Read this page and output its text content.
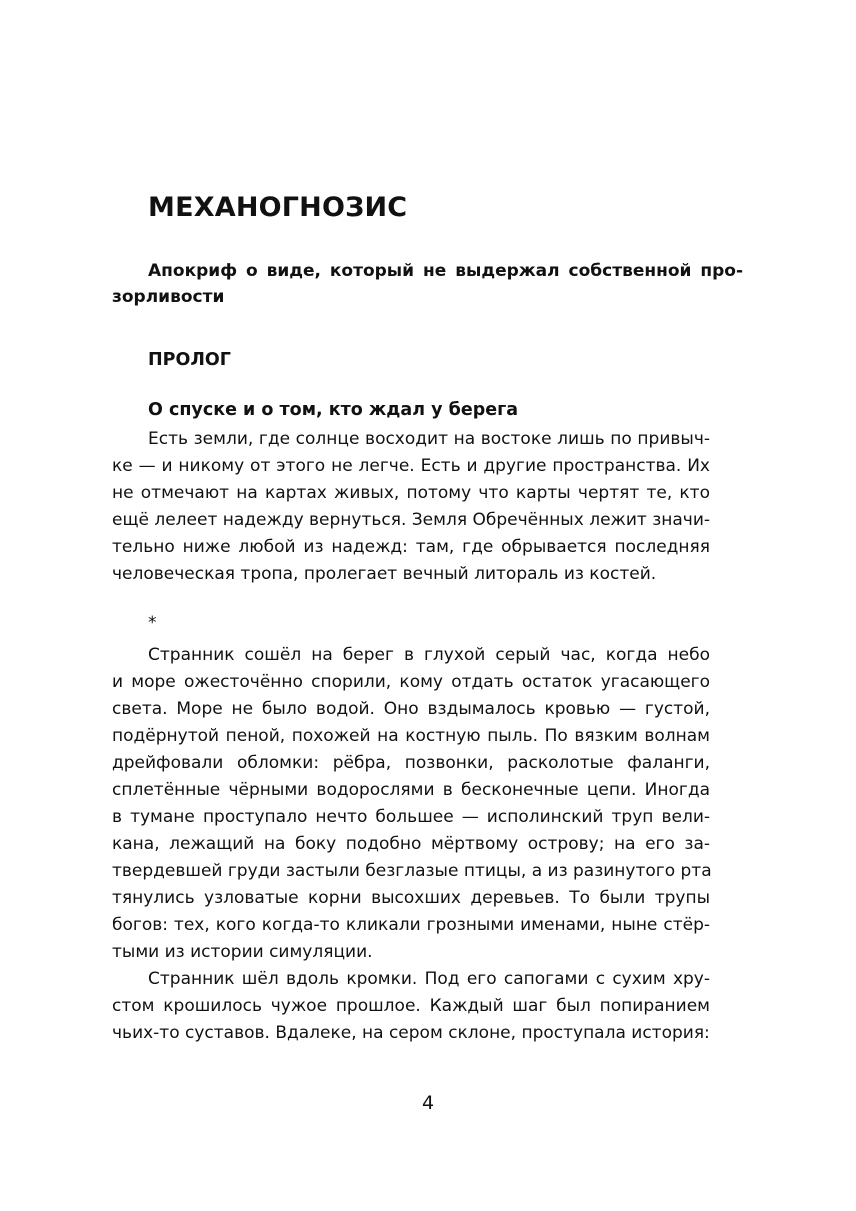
МЕХАНОГНОЗИС
Апокриф о виде, который не выдержал собственной про-
зорливости
ПРОЛОГ
О спуске и о том, кто ждал у берега
Есть земли, где солнце восходит на востоке лишь по привыч-
ке — и никому от этого не легче. Есть и другие пространства. Их
не отмечают на картах живых, потому что карты чертят те, кто
ещё лелеет надежду вернуться. Земля Обречённых лежит значи-
тельно ниже любой из надежд: там, где обрывается последняя
человеческая тропа, пролегает вечный литораль из костей.
*
Странник сошёл на берег в глухой серый час, когда небо
и море ожесточённо спорили, кому отдать остаток угасающего
света. Море не было водой. Оно вздымалось кровью — густой,
подёрнутой пеной, похожей на костную пыль. По вязким волнам
дрейфовали обломки: рёбра, позвонки, расколотые фаланги,
сплетённые чёрными водорослями в бесконечные цепи. Иногда
в тумане проступало нечто большее — исполинский труп вели-
кана, лежащий на боку подобно мёртвому острову; на его за-
твердевшей груди застыли безглазые птицы, а из разинутого рта
тянулись узловатые корни высохших деревьев. То были трупы
богов: тех, кого когда-то кликали грозными именами, ныне стёр-
тыми из истории симуляции.
Странник шёл вдоль кромки. Под его сапогами с сухим хру-
стом крошилось чужое прошлое. Каждый шаг был попиранием
чьих-то суставов. Вдалеке, на сером склоне, проступала история:
4
